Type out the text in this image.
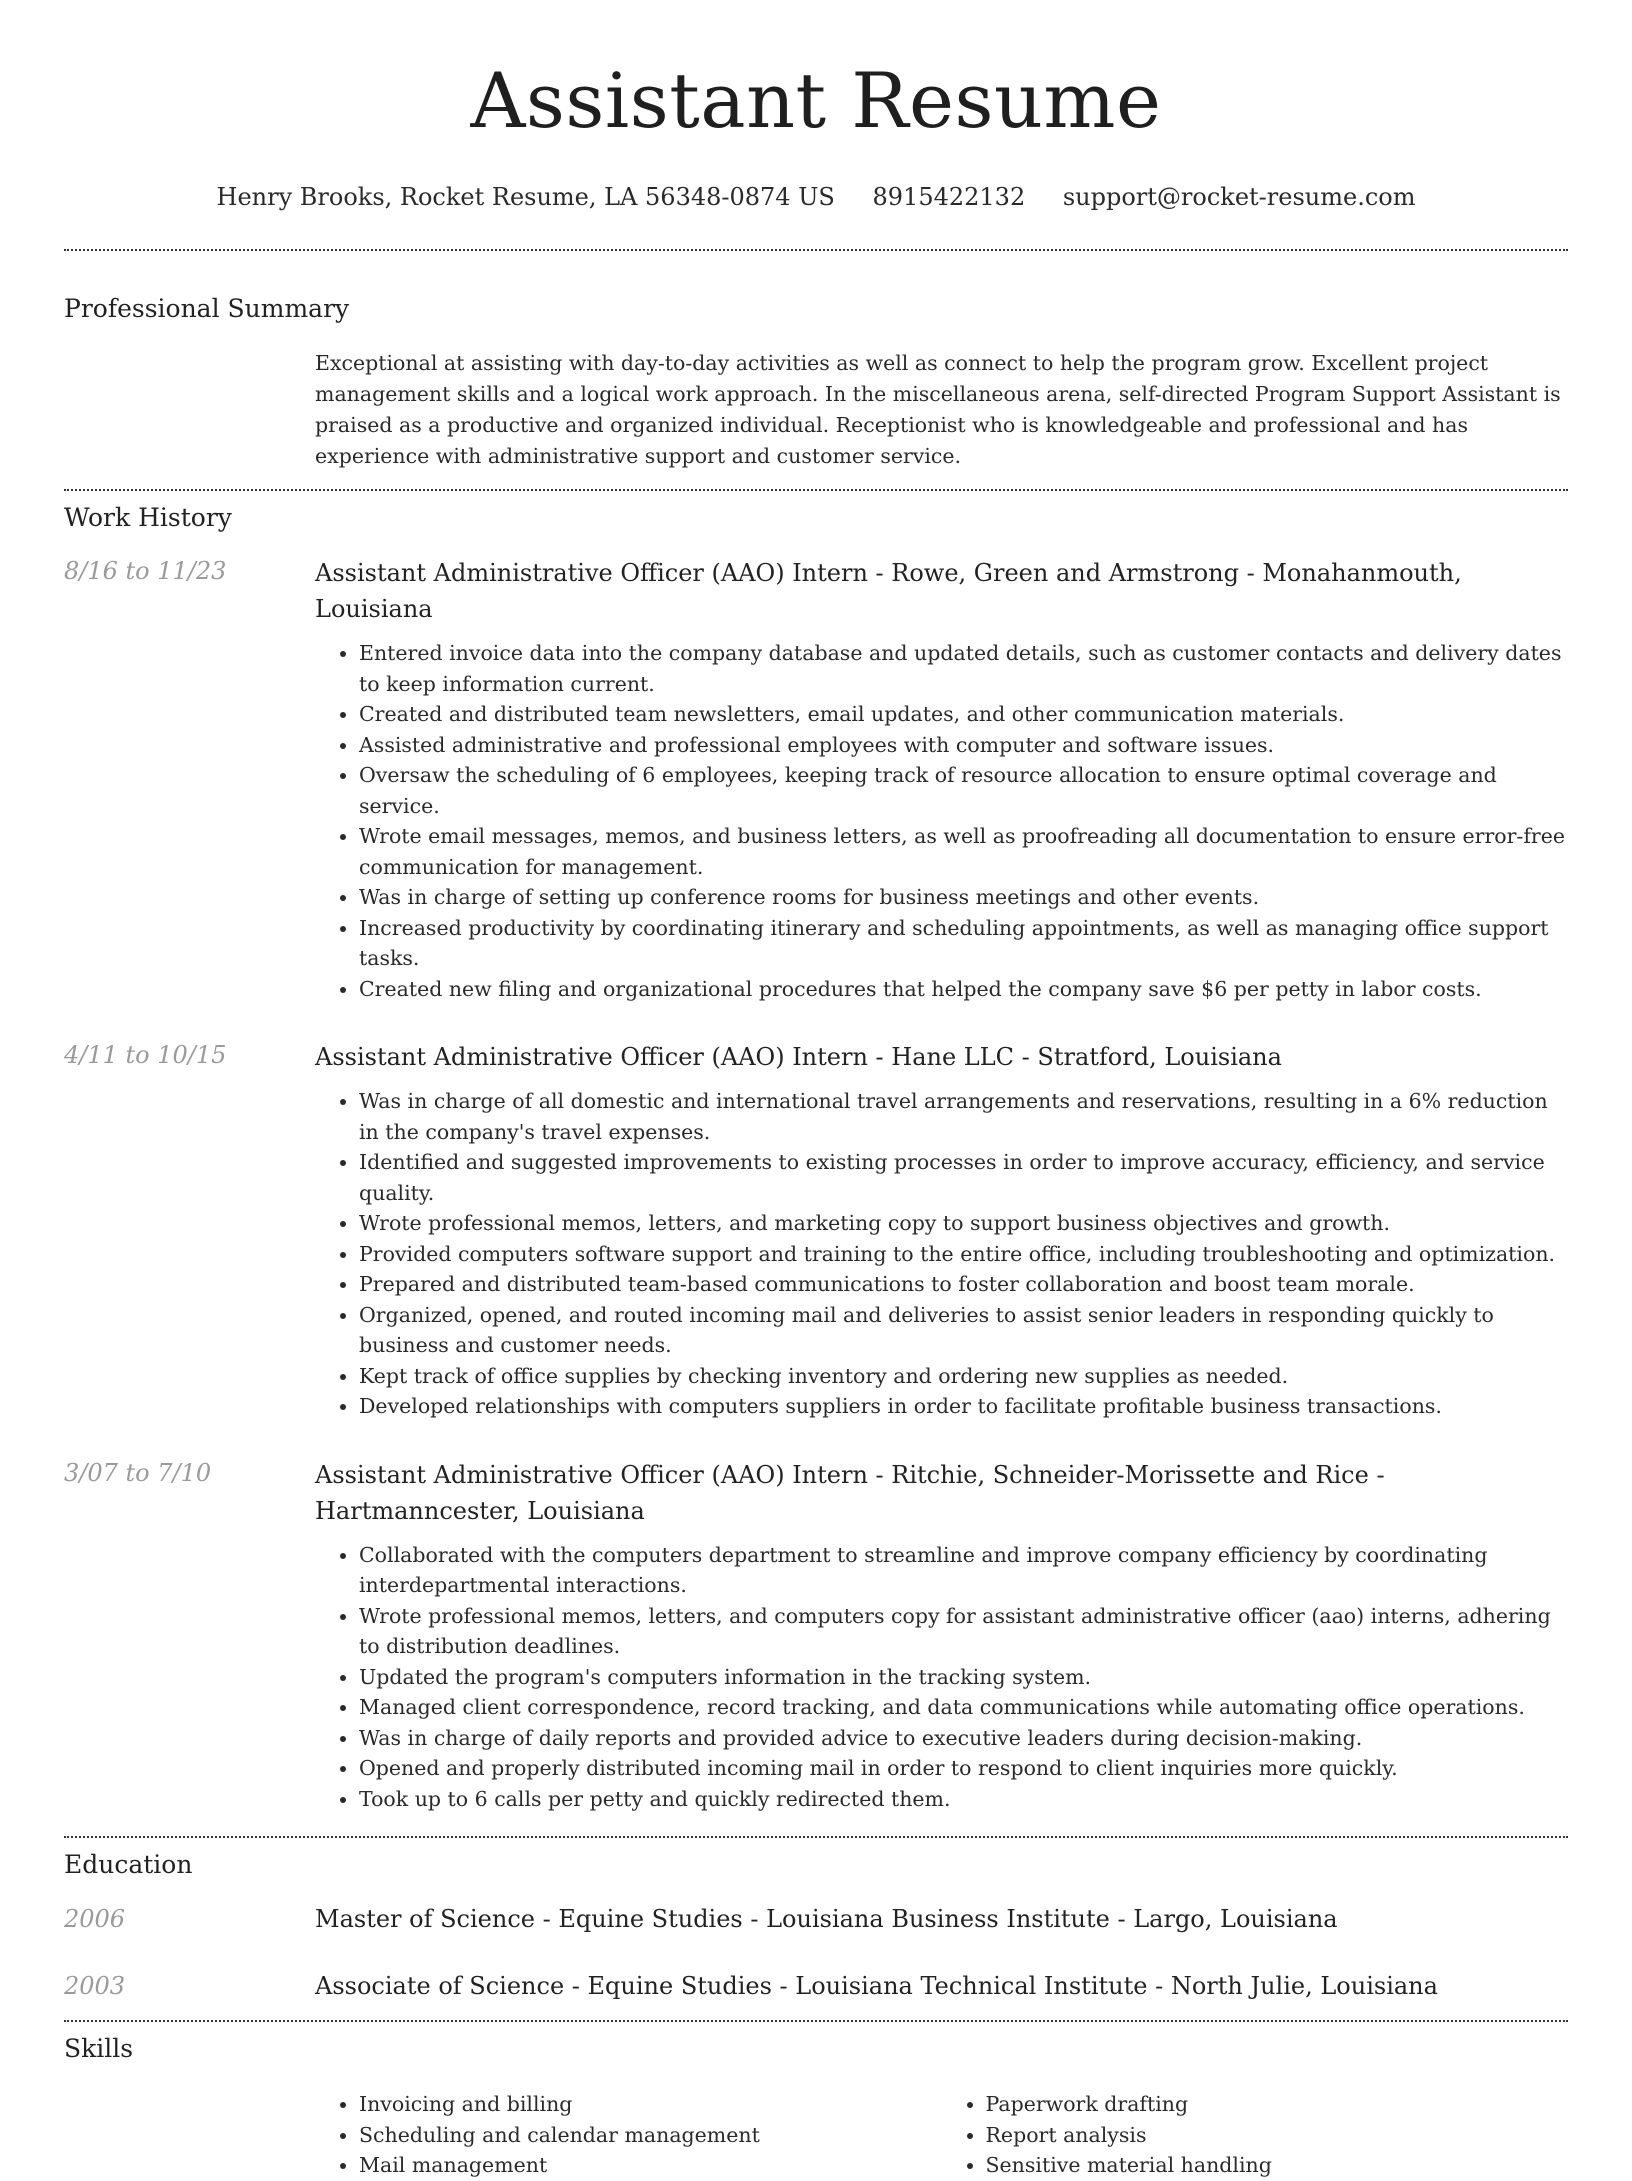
Assistant Resume
Henry Brooks, Rocket Resume, LA 56348-0874 US 8915422132 support@rocket-resume.com
Professional Summary
Exceptional at assisting with day-to-day activities as well as connect to help the program grow. Excellent project management skills and a logical work approach. In the miscellaneous arena, self-directed Program Support Assistant is praised as a productive and organized individual. Receptionist who is knowledgeable and professional and has experience with administrative support and customer service.
Work History
8/16 to 11/23	Assistant Administrative Officer (AAO) Intern - Rowe, Green and Armstrong - Monahanmouth, Louisiana
• Entered invoice data into the company database and updated details, such as customer contacts and delivery dates to keep information current.
• Created and distributed team newsletters, email updates, and other communication materials.
• Assisted administrative and professional employees with computer and software issues.
• Oversaw the scheduling of 6 employees, keeping track of resource allocation to ensure optimal coverage and service.
• Wrote email messages, memos, and business letters, as well as proofreading all documentation to ensure error-free communication for management.
• Was in charge of setting up conference rooms for business meetings and other events.
• Increased productivity by coordinating itinerary and scheduling appointments, as well as managing office support tasks.
• Created new filing and organizational procedures that helped the company save $6 per petty in labor costs.
4/11 to 10/15	Assistant Administrative Officer (AAO) Intern - Hane LLC - Stratford, Louisiana
• Was in charge of all domestic and international travel arrangements and reservations, resulting in a 6% reduction in the company's travel expenses.
• Identified and suggested improvements to existing processes in order to improve accuracy, efficiency, and service quality.
• Wrote professional memos, letters, and marketing copy to support business objectives and growth.
• Provided computers software support and training to the entire office, including troubleshooting and optimization.
• Prepared and distributed team-based communications to foster collaboration and boost team morale.
• Organized, opened, and routed incoming mail and deliveries to assist senior leaders in responding quickly to business and customer needs.
• Kept track of office supplies by checking inventory and ordering new supplies as needed.
• Developed relationships with computers suppliers in order to facilitate profitable business transactions.
3/07 to 7/10	Assistant Administrative Officer (AAO) Intern - Ritchie, Schneider-Morissette and Rice - Hartmanncester, Louisiana
• Collaborated with the computers department to streamline and improve company efficiency by coordinating interdepartmental interactions.
• Wrote professional memos, letters, and computers copy for assistant administrative officer (aao) interns, adhering to distribution deadlines.
• Updated the program's computers information in the tracking system.
• Managed client correspondence, record tracking, and data communications while automating office operations.
• Was in charge of daily reports and provided advice to executive leaders during decision-making.
• Opened and properly distributed incoming mail in order to respond to client inquiries more quickly.
• Took up to 6 calls per petty and quickly redirected them.
Education
2006	Master of Science - Equine Studies - Louisiana Business Institute - Largo, Louisiana
2003	Associate of Science - Equine Studies - Louisiana Technical Institute - North Julie, Louisiana
Skills
• Invoicing and billing
• Scheduling and calendar management
• Mail management
• Paperwork drafting
• Report analysis
• Sensitive material handling
